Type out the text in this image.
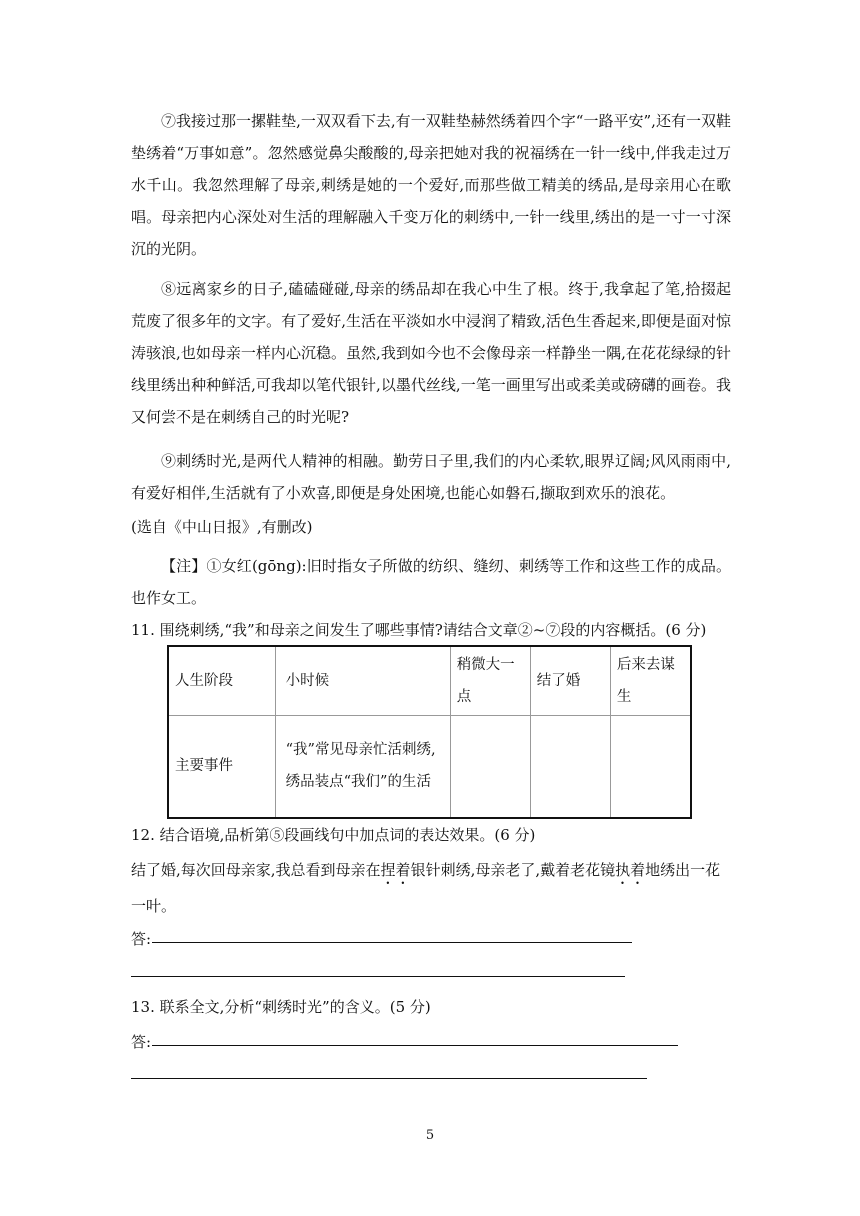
⑦我接过那一摞鞋垫,一双双看下去,有一双鞋垫赫然绣着四个字“一路平安”,还有一双鞋垫绣着“万事如意”。忽然感觉鼻尖酸酸的,母亲把她对我的祝福绣在一针一线中,伴我走过万水千山。我忽然理解了母亲,刺绣是她的一个爱好,而那些做工精美的绣品,是母亲用心在歌唱。母亲把内心深处对生活的理解融入千变万化的刺绣中,一针一线里,绣出的是一寸一寸深沉的光阴。

⑧远离家乡的日子,磕磕碰碰,母亲的绣品却在我心中生了根。终于,我拿起了笔,拾掇起荒废了很多年的文字。有了爱好,生活在平淡如水中浸润了精致,活色生香起来,即便是面对惊涛骇浪,也如母亲一样内心沉稳。虽然,我到如今也不会像母亲一样静坐一隅,在花花绿绿的针线里绣出种种鲜活,可我却以笔代银针,以墨代丝线,一笔一画里写出或柔美或磅礴的画卷。我又何尝不是在刺绣自己的时光呢?

⑨刺绣时光,是两代人精神的相融。勤劳日子里,我们的内心柔软,眼界辽阔;风风雨雨中,有爱好相伴,生活就有了小欢喜,即便是身处困境,也能心如磐石,撷取到欢乐的浪花。

(选自《中山日报》,有删改)

【注】①女红(gōng):旧时指女子所做的纺织、缝纫、刺绣等工作和这些工作的成品。也作女工。

11. 围绕刺绣,“我”和母亲之间发生了哪些事情?请结合文章②~⑦段的内容概括。(6 分)

人生阶段	小时候	稍微大一点	结了婚	后来去谋生
主要事件	“我”常见母亲忙活刺绣,绣品装点“我们”的生活			

12. 结合语境,品析第⑤段画线句中加点词的表达效果。(6 分)

结了婚,每次回母亲家,我总看到母亲在捏着银针刺绣,母亲老了,戴着老花镜执着地绣出一花一叶。

答:

13. 联系全文,分析“刺绣时光”的含义。(5 分)

答:
5
